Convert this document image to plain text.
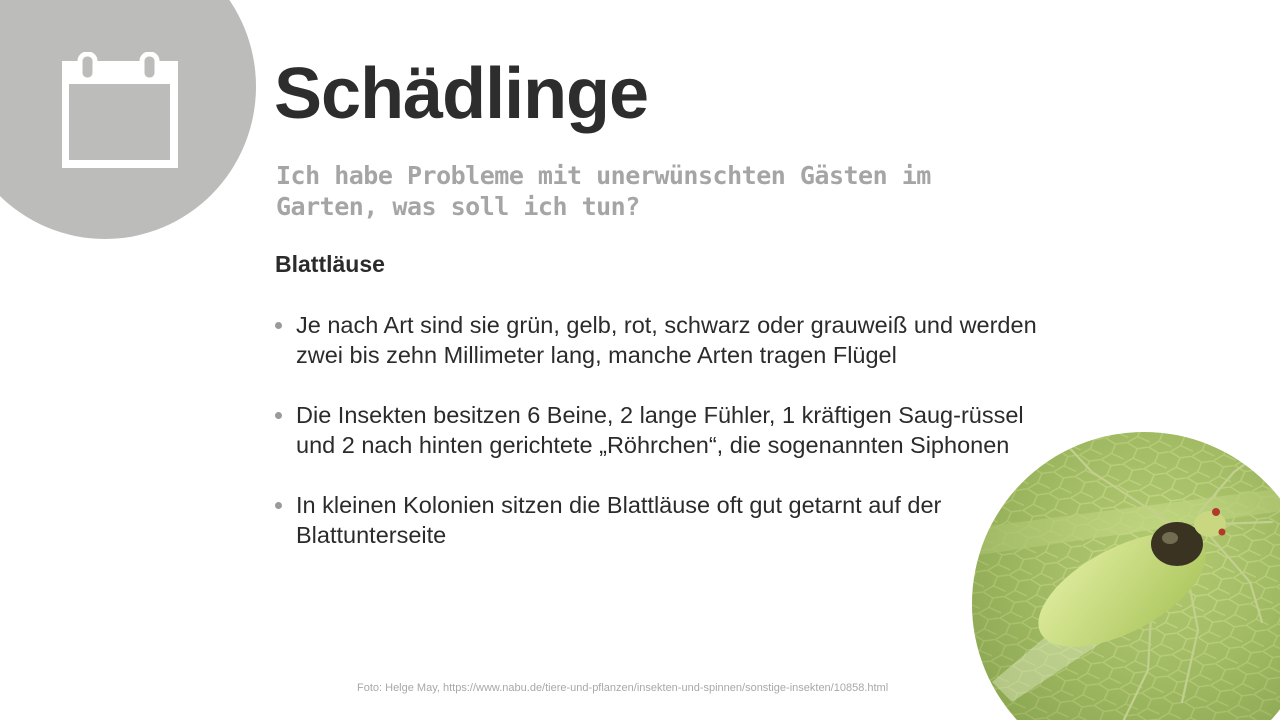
Schädlinge
Ich habe Probleme mit unerwünschten Gästen im Garten, was soll ich tun?
Blattläuse
Je nach Art sind sie grün, gelb, rot, schwarz oder grauweiß und werden zwei bis zehn Millimeter lang, manche Arten tragen Flügel
Die Insekten besitzen 6 Beine, 2 lange Fühler, 1 kräftigen Saug-rüssel und 2 nach hinten gerichtete „Röhrchen“, die sogenannten Siphonen
In kleinen Kolonien sitzen die Blattläuse oft gut getarnt auf der Blattunterseite
Foto: Helge May, https://www.nabu.de/tiere-und-pflanzen/insekten-und-spinnen/sonstige-insekten/10858.html
